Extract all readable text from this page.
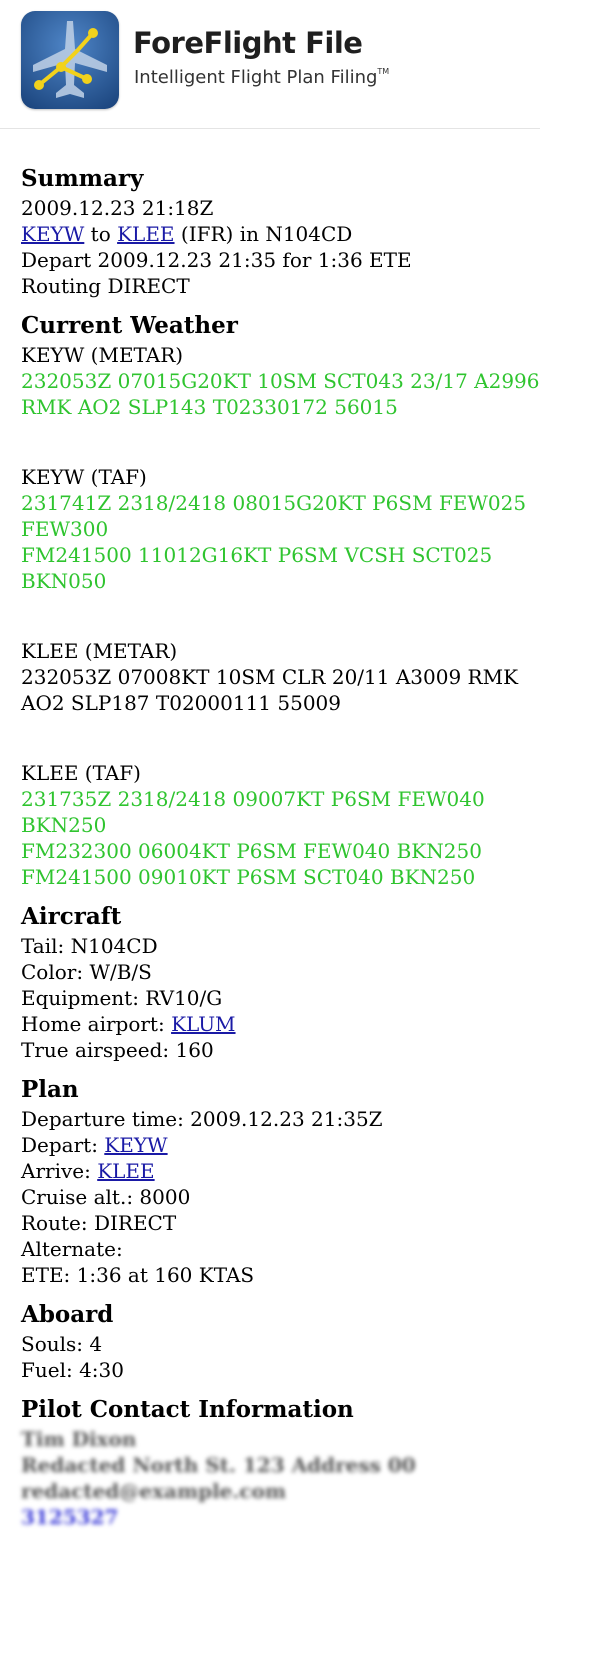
ForeFlight File
Intelligent Flight Plan Filing™
Summary
2009.12.23 21:18Z
KEYW to KLEE (IFR) in N104CD
Depart 2009.12.23 21:35 for 1:36 ETE
Routing DIRECT
Current Weather
KEYW (METAR)
232053Z 07015G20KT 10SM SCT043 23/17 A2996
RMK AO2 SLP143 T02330172 56015
KEYW (TAF)
231741Z 2318/2418 08015G20KT P6SM FEW025
FEW300
FM241500 11012G16KT P6SM VCSH SCT025
BKN050
KLEE (METAR)
232053Z 07008KT 10SM CLR 20/11 A3009 RMK
AO2 SLP187 T02000111 55009
KLEE (TAF)
231735Z 2318/2418 09007KT P6SM FEW040
BKN250
FM232300 06004KT P6SM FEW040 BKN250
FM241500 09010KT P6SM SCT040 BKN250
Aircraft
Tail: N104CD
Color: W/B/S
Equipment: RV10/G
Home airport: KLUM
True airspeed: 160
Plan
Departure time: 2009.12.23 21:35Z
Depart: KEYW
Arrive: KLEE
Cruise alt.: 8000
Route: DIRECT
Alternate:
ETE: 1:36 at 160 KTAS
Aboard
Souls: 4
Fuel: 4:30
Pilot Contact Information
Tim Dixon
Redacted North St. 123 Address 00
redacted@example.com
3125327
